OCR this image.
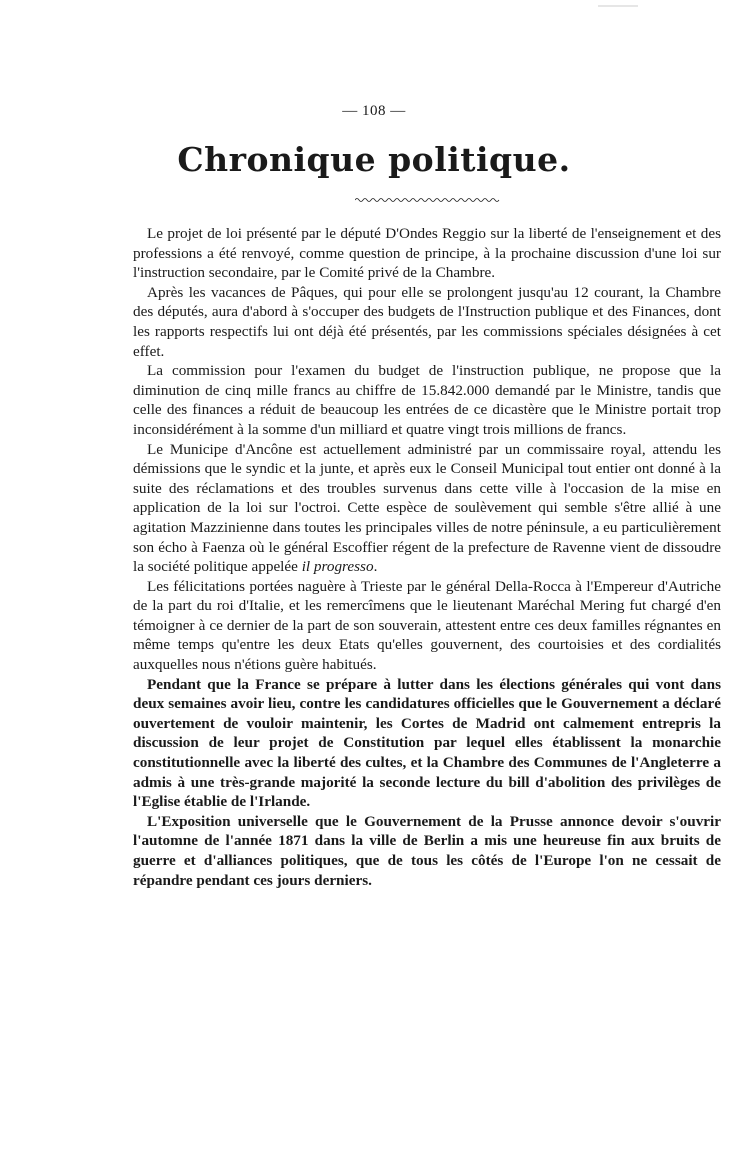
— 108 —
Chronique politique.

Le projet de loi présenté par le député D'Ondes Reggio sur la liberté de l'enseignement et des professions a été renvoyé, comme question de principe, à la prochaine discussion d'une loi sur l'instruction secondaire, par le Comité privé de la Chambre.

Après les vacances de Pâques, qui pour elle se prolongent jusqu'au 12 courant, la Chambre des députés, aura d'abord à s'occuper des budgets de l'Instruction publique et des Finances, dont les rapports respectifs lui ont déjà été présentés, par les commissions spéciales désignées à cet effet.

La commission pour l'examen du budget de l'instruction publique, ne propose que la diminution de cinq mille francs au chiffre de 15.842.000 demandé par le Ministre, tandis que celle des finances a réduit de beaucoup les entrées de ce dicastère que le Ministre portait trop inconsidérément à la somme d'un milliard et quatre vingt trois millions de francs.

Le Municipe d'Ancône est actuellement administré par un commissaire royal, attendu les démissions que le syndic et la junte, et après eux le Conseil Municipal tout entier ont donné à la suite des réclamations et des troubles survenus dans cette ville à l'occasion de la mise en application de la loi sur l'octroi. Cette espèce de soulèvement qui semble s'être allié à une agitation Mazzinienne dans toutes les principales villes de notre péninsule, a eu particulièrement son écho à Faenza où le général Escoffier régent de la prefecture de Ravenne vient de dissoudre la société politique appelée il progresso.

Les félicitations portées naguère à Trieste par le général Della-Rocca à l'Empereur d'Autriche de la part du roi d'Italie, et les remercîmens que le lieutenant Maréchal Mering fut chargé d'en témoigner à ce dernier de la part de son souverain, attestent entre ces deux familles régnantes en même temps qu'entre les deux Etats qu'elles gouvernent, des courtoisies et des cordialités auxquelles nous n'étions guère habitués.

Pendant que la France se prépare à lutter dans les élections générales qui vont dans deux semaines avoir lieu, contre les candidatures officielles que le Gouvernement a déclaré ouvertement de vouloir maintenir, les Cortes de Madrid ont calmement entrepris la discussion de leur projet de Constitution par lequel elles établissent la monarchie constitutionnelle avec la liberté des cultes, et la Chambre des Communes de l'Angleterre a admis à une très-grande majorité la seconde lecture du bill d'abolition des privilèges de l'Eglise établie de l'Irlande.

L'Exposition universelle que le Gouvernement de la Prusse annonce devoir s'ouvrir l'automne de l'année 1871 dans la ville de Berlin a mis une heureuse fin aux bruits de guerre et d'alliances politiques, que de tous les côtés de l'Europe l'on ne cessait de répandre pendant ces jours derniers.
